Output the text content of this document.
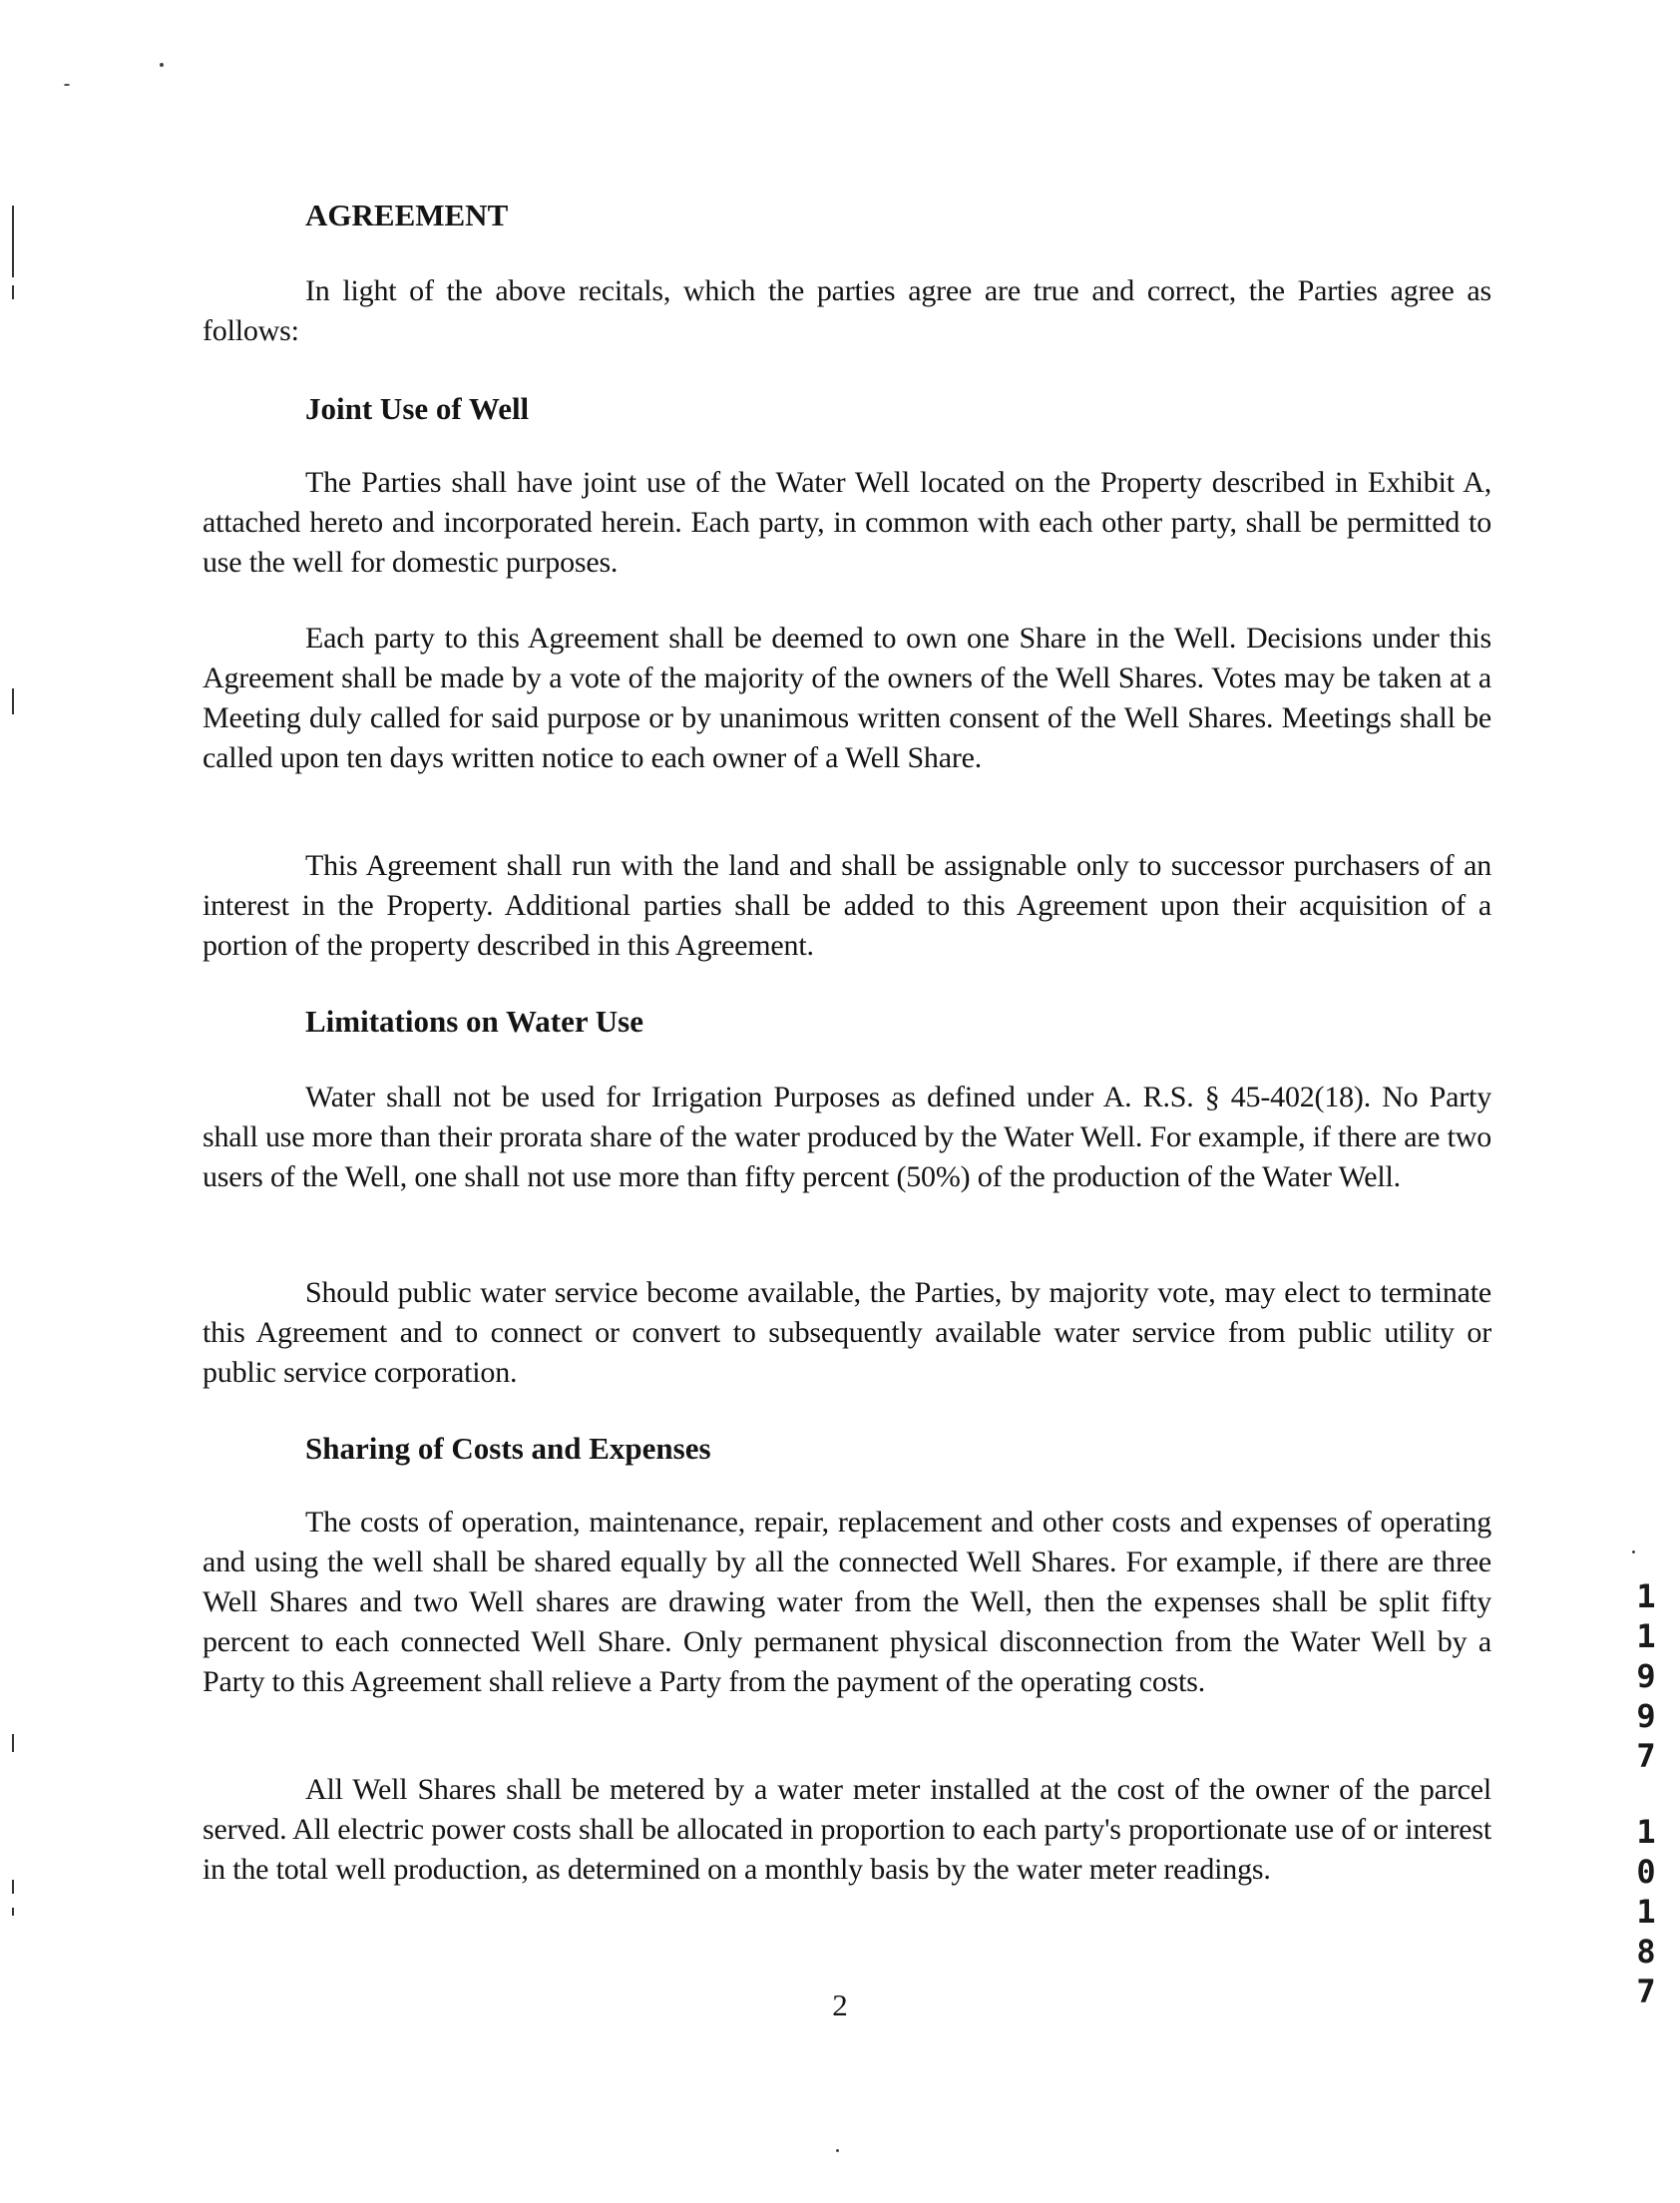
AGREEMENT

In light of the above recitals, which the parties agree are true and correct, the Parties agree as follows:

Joint Use of Well

The Parties shall have joint use of the Water Well located on the Property described in Exhibit A, attached hereto and incorporated herein. Each party, in common with each other party, shall be permitted to use the well for domestic purposes.

Each party to this Agreement shall be deemed to own one Share in the Well. Decisions under this Agreement shall be made by a vote of the majority of the owners of the Well Shares. Votes may be taken at a Meeting duly called for said purpose or by unanimous written consent of the Well Shares. Meetings shall be called upon ten days written notice to each owner of a Well Share.

This Agreement shall run with the land and shall be assignable only to successor purchasers of an interest in the Property. Additional parties shall be added to this Agreement upon their acquisition of a portion of the property described in this Agreement.

Limitations on Water Use

Water shall not be used for Irrigation Purposes as defined under A. R.S. § 45-402(18). No Party shall use more than their prorata share of the water produced by the Water Well. For example, if there are two users of the Well, one shall not use more than fifty percent (50%) of the production of the Water Well.

Should public water service become available, the Parties, by majority vote, may elect to terminate this Agreement and to connect or convert to subsequently available water service from public utility or public service corporation.

Sharing of Costs and Expenses

The costs of operation, maintenance, repair, replacement and other costs and expenses of operating and using the well shall be shared equally by all the connected Well Shares. For example, if there are three Well Shares and two Well shares are drawing water from the Well, then the expenses shall be split fifty percent to each connected Well Share. Only permanent physical disconnection from the Water Well by a Party to this Agreement shall relieve a Party from the payment of the operating costs.

All Well Shares shall be metered by a water meter installed at the cost of the owner of the parcel served. All electric power costs shall be allocated in proportion to each party's proportionate use of or interest in the total well production, as determined on a monthly basis by the water meter readings.

2
1
1
9
9
7
1
0
1
8
7
